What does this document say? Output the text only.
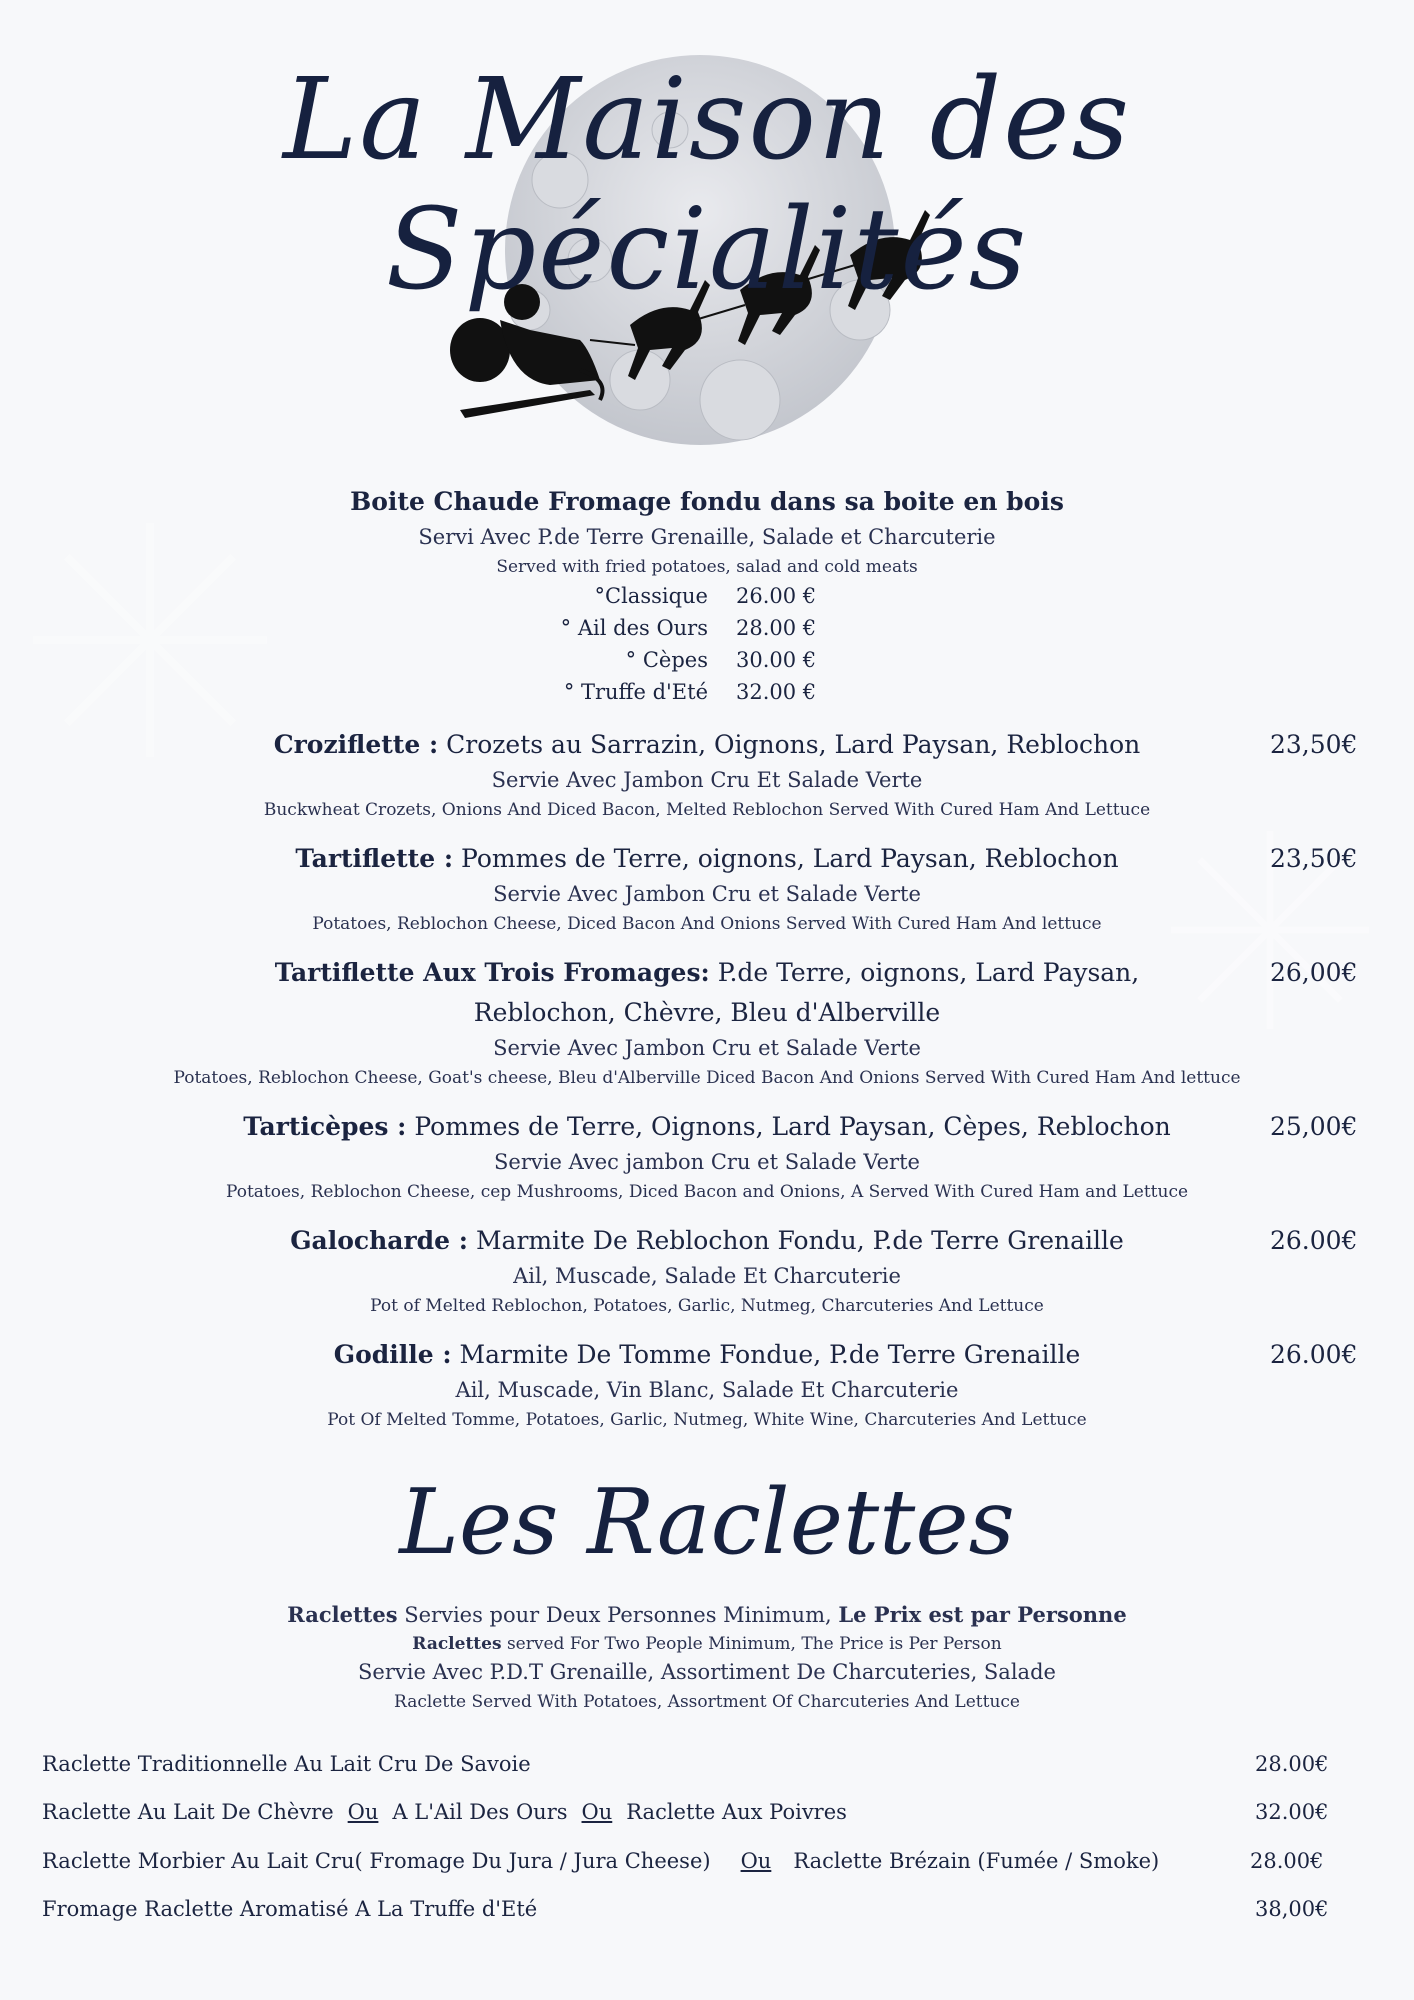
La Maison des Spécialités
Boite Chaude Fromage fondu dans sa boite en bois
Servi Avec P.de Terre Grenaille, Salade et Charcuterie
Served with fried potatoes, salad and cold meats
°Classique 26.00 €
° Ail des Ours 28.00 €
° Cèpes 30.00 €
° Truffe d'Eté 32.00 €
Croziflette : Crozets au Sarrazin, Oignons, Lard Paysan, Reblochon	23,50€
Servie Avec Jambon Cru Et Salade Verte
Buckwheat Crozets, Onions And Diced Bacon, Melted Reblochon Served With Cured Ham And Lettuce
Tartiflette : Pommes de Terre, oignons, Lard Paysan, Reblochon	23,50€
Servie Avec Jambon Cru et Salade Verte
Potatoes, Reblochon Cheese, Diced Bacon And Onions Served With Cured Ham And lettuce
Tartiflette Aux Trois Fromages: P.de Terre, oignons, Lard Paysan,
Reblochon, Chèvre, Bleu d'Alberville
26,00€
Servie Avec Jambon Cru et Salade Verte
Potatoes, Reblochon Cheese, Goat's cheese, Bleu d'Alberville Diced Bacon And Onions Served With Cured Ham And lettuce
Tarticèpes : Pommes de Terre, Oignons, Lard Paysan, Cèpes, Reblochon	25,00€
Servie Avec jambon Cru et Salade Verte
Potatoes, Reblochon Cheese, cep Mushrooms, Diced Bacon and Onions, A Served With Cured Ham and Lettuce
Galocharde : Marmite De Reblochon Fondu, P.de Terre Grenaille	26.00€
Ail, Muscade, Salade Et Charcuterie
Pot of Melted Reblochon, Potatoes, Garlic, Nutmeg, Charcuteries And Lettuce
Godille : Marmite De Tomme Fondue, P.de Terre Grenaille	26.00€
Ail, Muscade, Vin Blanc, Salade Et Charcuterie
Pot Of Melted Tomme, Potatoes, Garlic, Nutmeg, White Wine, Charcuteries And Lettuce
Les Raclettes
Raclettes Servies pour Deux Personnes Minimum, Le Prix est par Personne
Raclettes served For Two People Minimum, The Price is Per Person
Servie Avec P.D.T Grenaille, Assortiment De Charcuteries, Salade
Raclette Served With Potatoes, Assortment Of Charcuteries And Lettuce
Raclette Traditionnelle Au Lait Cru De Savoie	28.00€
Raclette Au Lait De Chèvre Ou A L'Ail Des Ours Ou Raclette Aux Poivres	32.00€
Raclette Morbier Au Lait Cru( Fromage Du Jura / Jura Cheese) Ou Raclette Brézain (Fumée / Smoke)	28.00€
Fromage Raclette Aromatisé A La Truffe d'Eté	38,00€
